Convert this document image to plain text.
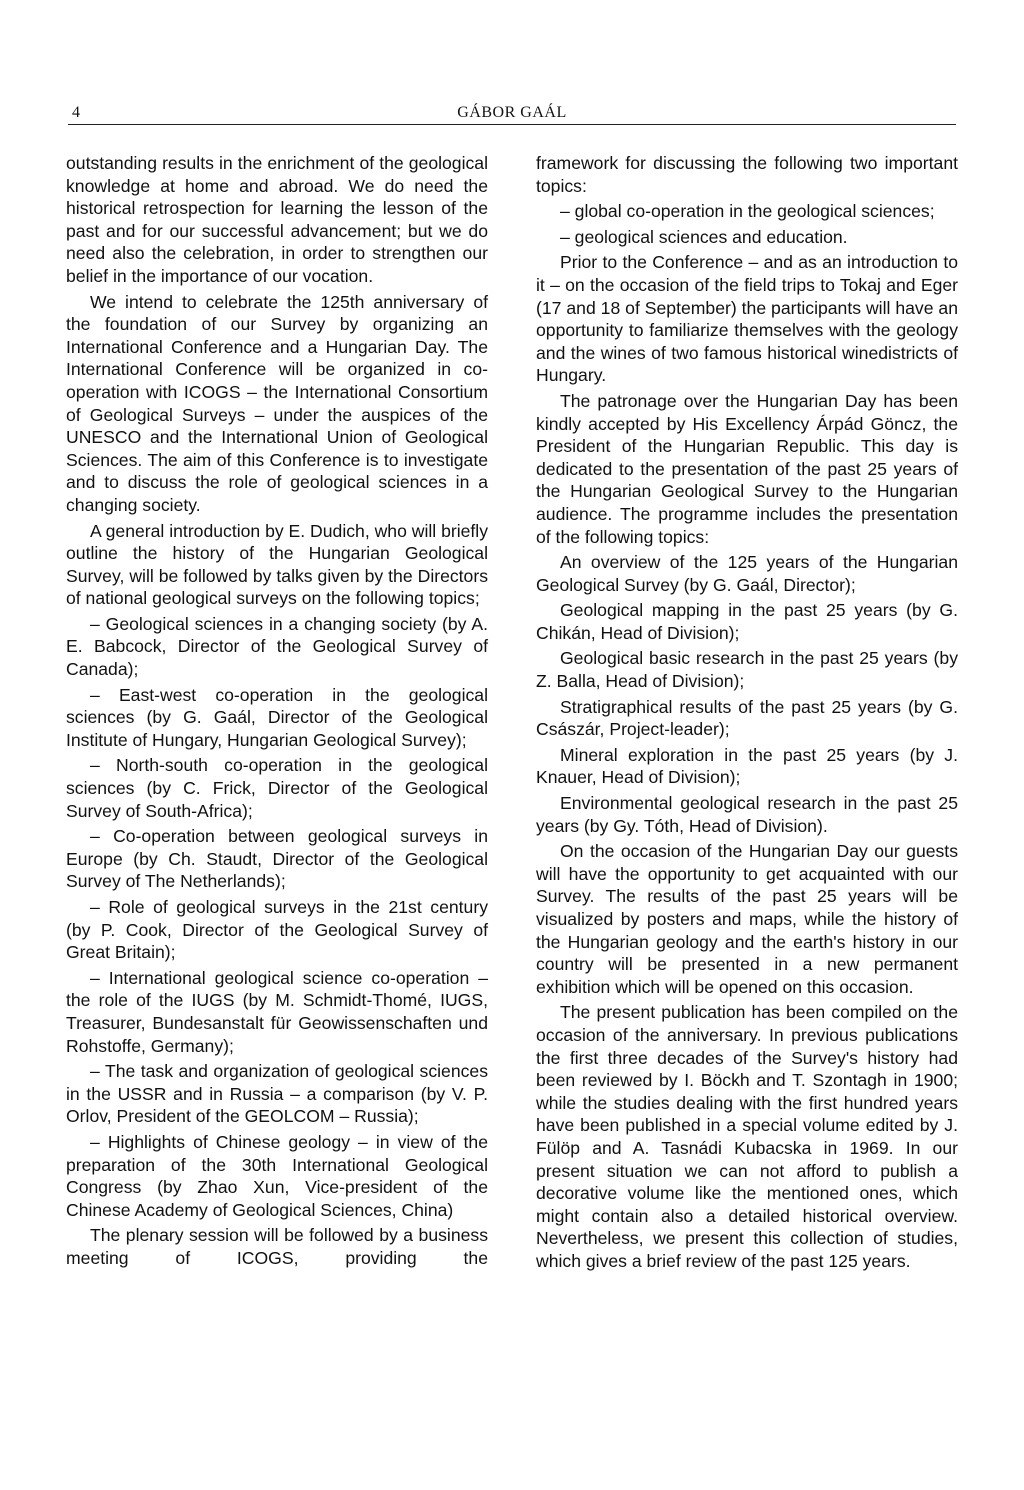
4	GÁBOR GAÁL

outstanding results in the enrichment of the geological knowledge at home and abroad. We do need the historical retrospection for learning the lesson of the past and for our successful advancement; but we do need also the celebration, in order to strengthen our belief in the importance of our vocation.

We intend to celebrate the 125th anniversary of the foundation of our Survey by organizing an International Conference and a Hungarian Day. The International Conference will be organized in co-operation with ICOGS – the International Consortium of Geological Surveys – under the auspices of the UNESCO and the International Union of Geological Sciences. The aim of this Conference is to investigate and to discuss the role of geological sciences in a changing society.

A general introduction by E. Dudich, who will briefly outline the history of the Hungarian Geological Survey, will be followed by talks given by the Directors of national geological surveys on the following topics;

– Geological sciences in a changing society (by A. E. Babcock, Director of the Geological Survey of Canada);

– East-west co-operation in the geological sciences (by G. Gaál, Director of the Geological Institute of Hungary, Hungarian Geological Survey);

– North-south co-operation in the geological sciences (by C. Frick, Director of the Geological Survey of South-Africa);

– Co-operation between geological surveys in Europe (by Ch. Staudt, Director of the Geological Survey of The Netherlands);

– Role of geological surveys in the 21st century (by P. Cook, Director of the Geological Survey of Great Britain);

– International geological science co-operation – the role of the IUGS (by M. Schmidt-Thomé, IUGS, Treasurer, Bundesanstalt für Geowissenschaften und Rohstoffe, Germany);

– The task and organization of geological sciences in the USSR and in Russia – a comparison (by V. P. Orlov, President of the GEOLCOM – Russia);

– Highlights of Chinese geology – in view of the preparation of the 30th International Geological Congress (by Zhao Xun, Vice-president of the Chinese Academy of Geological Sciences, China)

The plenary session will be followed by a business meeting of ICOGS, providing the

framework for discussing the following two important topics:

– global co-operation in the geological sciences;

– geological sciences and education.

Prior to the Conference – and as an introduction to it – on the occasion of the field trips to Tokaj and Eger (17 and 18 of September) the participants will have an opportunity to familiarize themselves with the geology and the wines of two famous historical winedistricts of Hungary.

The patronage over the Hungarian Day has been kindly accepted by His Excellency Árpád Göncz, the President of the Hungarian Republic. This day is dedicated to the presentation of the past 25 years of the Hungarian Geological Survey to the Hungarian audience. The programme includes the presentation of the following topics:

An overview of the 125 years of the Hungarian Geological Survey (by G. Gaál, Director);

Geological mapping in the past 25 years (by G. Chikán, Head of Division);

Geological basic research in the past 25 years (by Z. Balla, Head of Division);

Stratigraphical results of the past 25 years (by G. Császár, Project-leader);

Mineral exploration in the past 25 years (by J. Knauer, Head of Division);

Environmental geological research in the past 25 years (by Gy. Tóth, Head of Division).

On the occasion of the Hungarian Day our guests will have the opportunity to get acquainted with our Survey. The results of the past 25 years will be visualized by posters and maps, while the history of the Hungarian geology and the earth's history in our country will be presented in a new permanent exhibition which will be opened on this occasion.

The present publication has been compiled on the occasion of the anniversary. In previous publications the first three decades of the Survey's history had been reviewed by I. Böckh and T. Szontagh in 1900; while the studies dealing with the first hundred years have been published in a special volume edited by J. Fülöp and A. Tasnádi Kubacska in 1969. In our present situation we can not afford to publish a decorative volume like the mentioned ones, which might contain also a detailed historical overview. Nevertheless, we present this collection of studies, which gives a brief review of the past 125 years.
